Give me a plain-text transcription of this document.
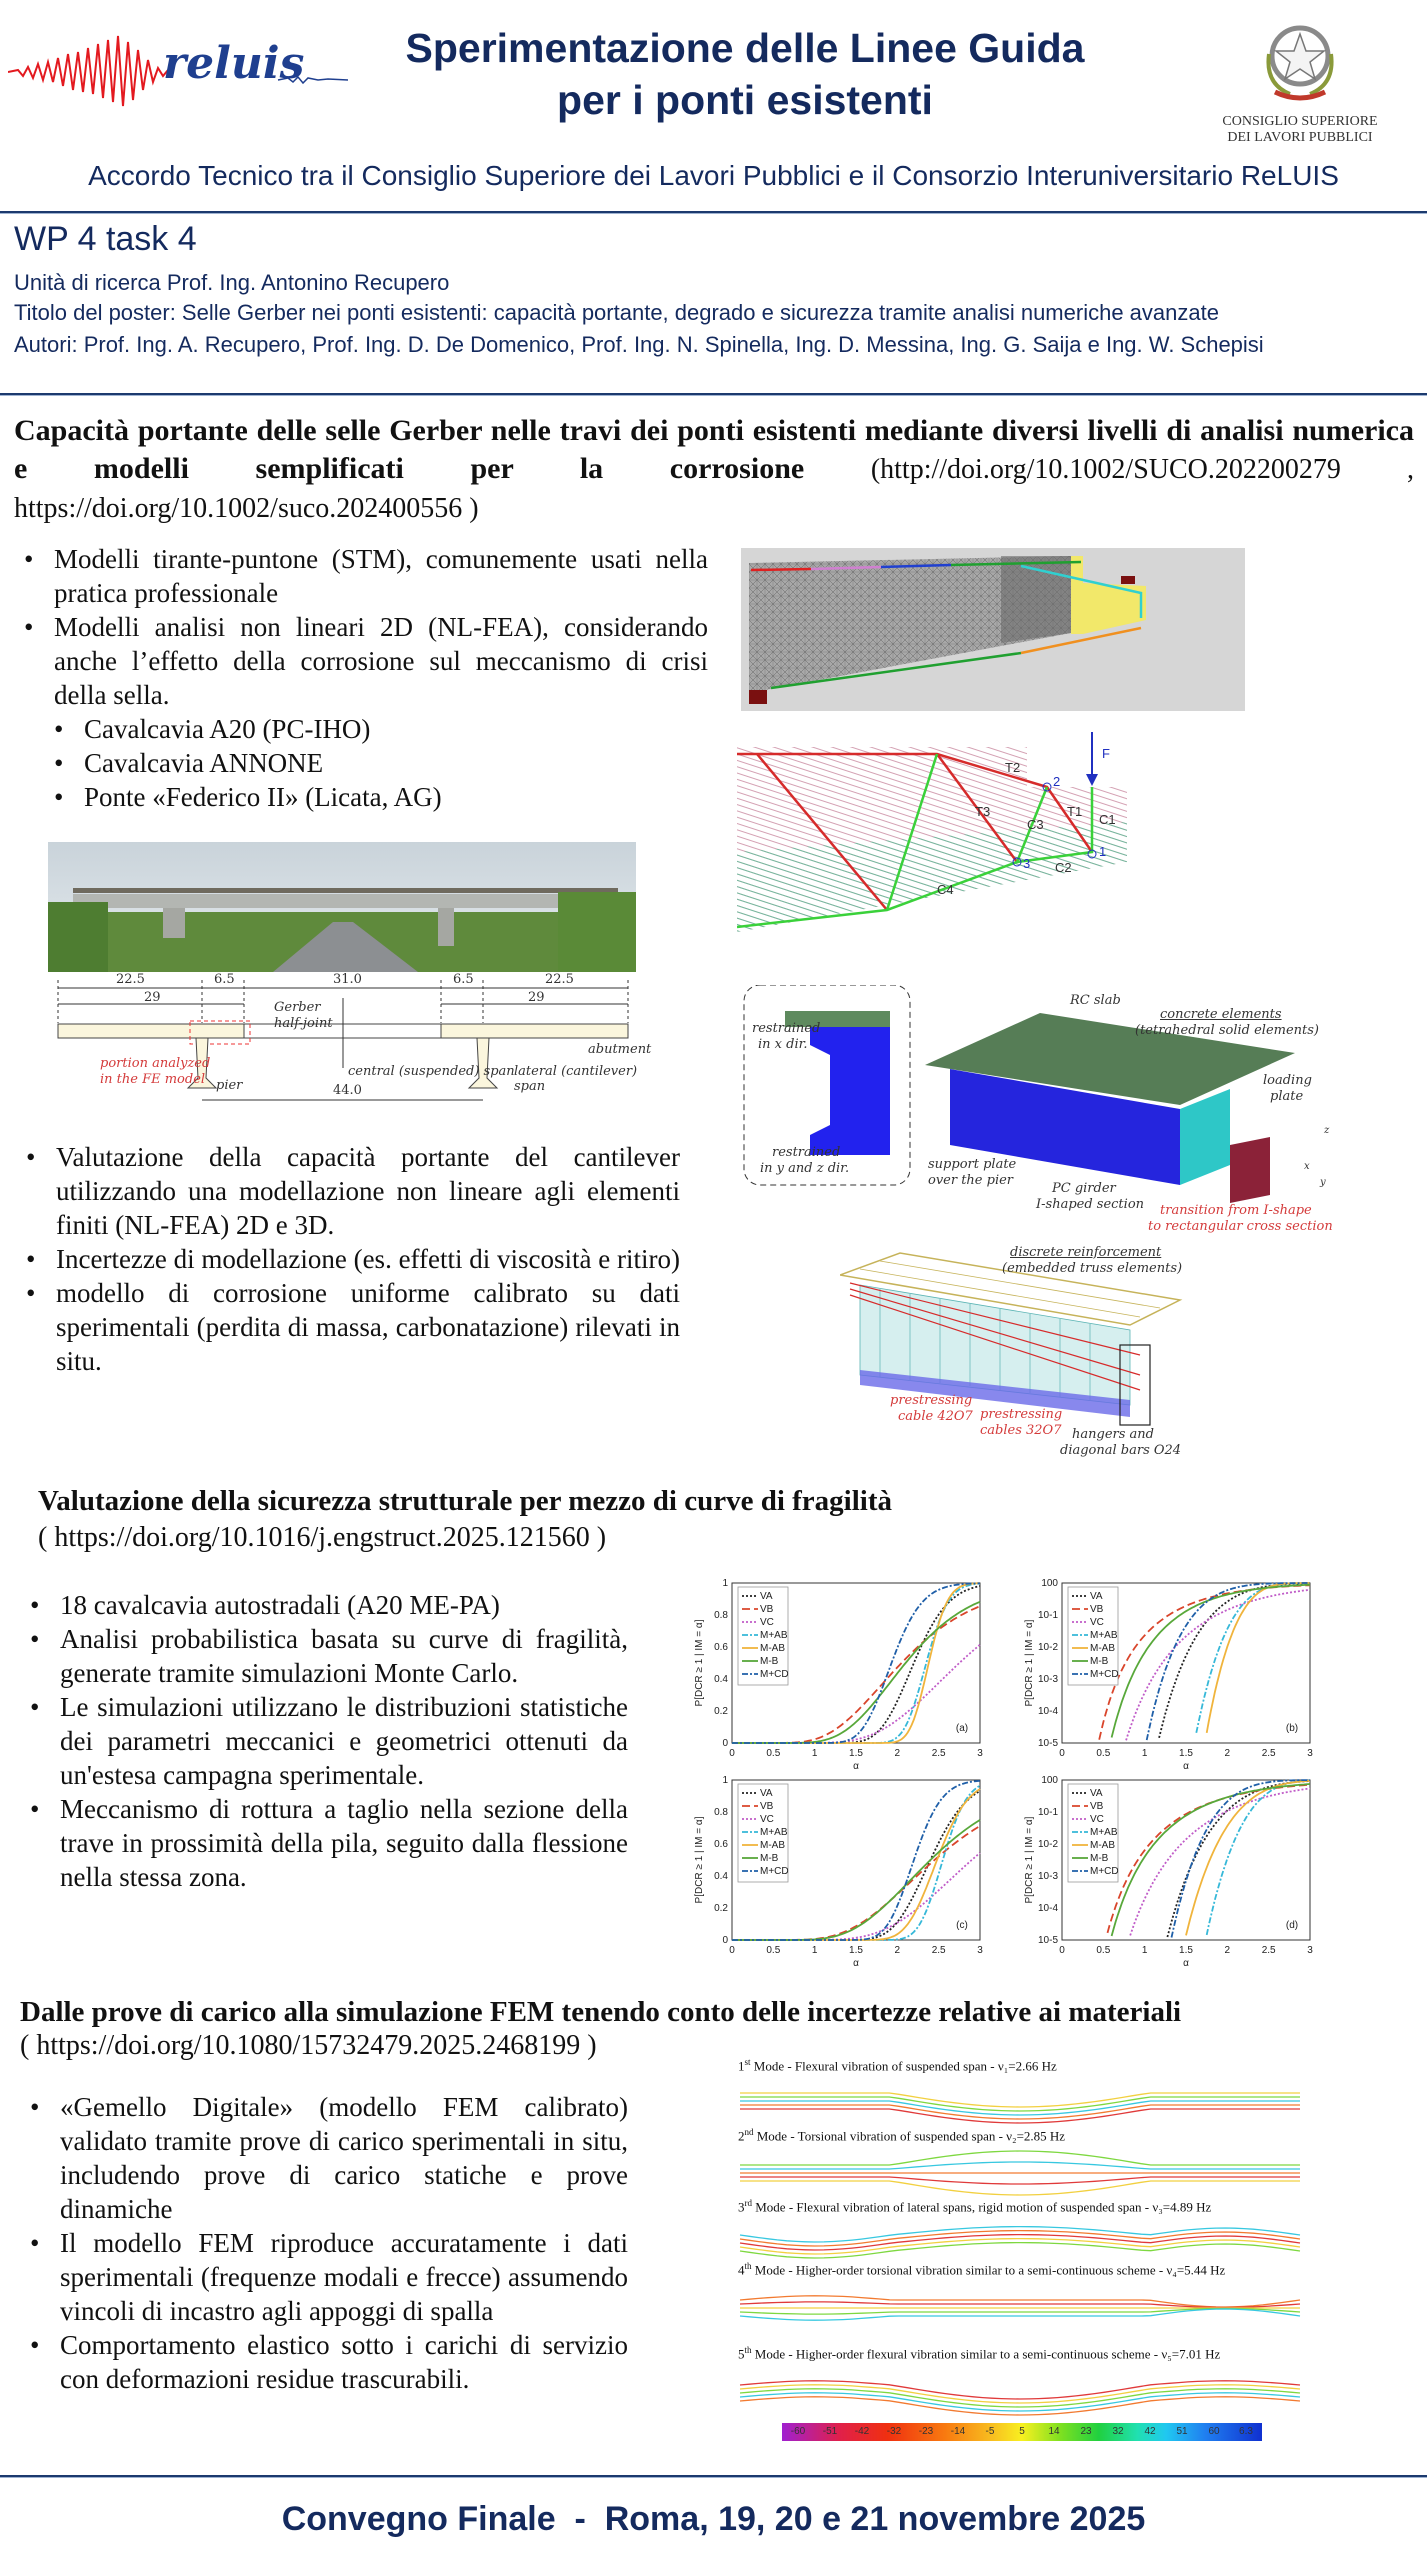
reluis	Sperimentazione delle Linee Guida
per i ponti esistenti	CONSIGLIO SUPERIORE
DEI LAVORI PUBBLICI
Accordo Tecnico tra il Consiglio Superiore dei Lavori Pubblici e il Consorzio Interuniversitario ReLUIS
WP 4 task 4
Unità di ricerca Prof. Ing. Antonino Recupero
Titolo del poster: Selle Gerber nei ponti esistenti: capacità portante, degrado e sicurezza tramite analisi numeriche avanzate
Autori: Prof. Ing. A. Recupero, Prof. Ing. D. De Domenico, Prof. Ing. N. Spinella, Ing. D. Messina, Ing. G. Saija e Ing. W. Schepisi
Capacità portante delle selle Gerber nelle travi dei ponti esistenti mediante diversi livelli di analisi numerica e modelli semplificati per la corrosione (http://doi.org/10.1002/SUCO.202200279 , https://doi.org/10.1002/suco.202400556 )
• Modelli tirante-puntone (STM), comunemente usati nella pratica professionale
• Modelli analisi non lineari 2D (NL-FEA), considerando anche l’effetto della corrosione sul meccanismo di crisi della sella.
• Cavalcavia A20 (PC-IHO)
• Cavalcavia ANNONE
• Ponte «Federico II» (Licata, AG)
22.5	6.5	31.0	6.5	22.5
29	29
44.0
Gerber
half-joint
portion analyzed
in the FE model pier
central (suspended) span lateral (cantilever) span
abutment
• Valutazione della capacità portante del cantilever utilizzando una modellazione non lineare agli elementi finiti (NL-FEA) 2D e 3D.
• Incertezze di modellazione (es. effetti di viscosità e ritiro)
• modello di corrosione uniforme calibrato su dati sperimentali (perdita di massa, carbonatazione) rilevati in situ.
T2
T3	T1
C3	C1
C2
C4
F
1
2
3
restrained
in x dir.
restrained
in y and z dir.
RC slab
concrete elements
(tetrahedral solid elements)
loading
plate
support plate
over the pier
PC girder
I-shaped section transition from I-shape
to rectangular cross section
x
y
z
discrete reinforcement
(embedded truss elements)
prestressing
cable 42O7 prestressing
cables 32O7 hangers and
diagonal bars O24
Valutazione della sicurezza strutturale per mezzo di curve di fragilità
( https://doi.org/10.1016/j.engstruct.2025.121560 )
• 18 cavalcavia autostradali (A20 ME-PA)
• Analisi probabilistica basata su curve di fragilità, generate tramite simulazioni Monte Carlo.
• Le simulazioni utilizzano le distribuzioni statistiche dei parametri meccanici e geometrici ottenuti da un'estesa campagna sperimentale.
• Meccanismo di rottura a taglio nella sezione della trave in prossimità della pila, seguito dalla flessione nella stessa zona.
0	0.5	1	1.5	2	2.5	3
0
0.2
0.4
0.6
0.8
1
α
P[DCR ≥ 1 | IM = α]
(a)
VA
VB
VC
M+AB
M-AB
M-B
M+CD
0	0.5	1	1.5	2	2.5	3
10-5
10-4
10-3
10-2
10-1
100
α
P[DCR ≥ 1 | IM = α]
(b)
VA
VB
VC
M+AB
M-AB
M-B
M+CD
0	0.5	1	1.5	2	2.5	3
0
0.2
0.4
0.6
0.8
1
α
P[DCR ≥ 1 | IM = α]
(c)
VA
VB
VC
M+AB
M-AB
M-B
M+CD
0	0.5	1	1.5	2	2.5	3
10-5
10-4
10-3
10-2
10-1
100
α
P[DCR ≥ 1 | IM = α]
(d)
VA
VB
VC
M+AB
M-AB
M-B
M+CD
Dalle prove di carico alla simulazione FEM tenendo conto delle incertezze relative ai materiali
( https://doi.org/10.1080/15732479.2025.2468199 )
• «Gemello Digitale» (modello FEM calibrato) validato tramite prove di carico sperimentali in situ, includendo prove di carico statiche e prove dinamiche
• Il modello FEM riproduce accuratamente i dati sperimentali (frequenze modali e frecce) assumendo vincoli di incastro agli appoggi di spalla
• Comportamento elastico sotto i carichi di servizio con deformazioni residue trascurabili.
1st Mode - Flexural vibration of suspended span - ν₁=2.66 Hz
2nd Mode - Torsional vibration of suspended span - ν₂=2.85 Hz
3rd Mode - Flexural vibration of lateral spans, rigid motion of suspended span - ν₃=4.89 Hz
4th Mode - Higher-order torsional vibration similar to a semi-continuous scheme - ν₄=5.44 Hz
5th Mode - Higher-order flexural vibration similar to a semi-continuous scheme - ν₅=7.01 Hz
-60	-51	-42	-32	-23	-14	-5	5	14	23	32	42	51	60	6.3
Convegno Finale  -  Roma, 19, 20 e 21 novembre 2025
